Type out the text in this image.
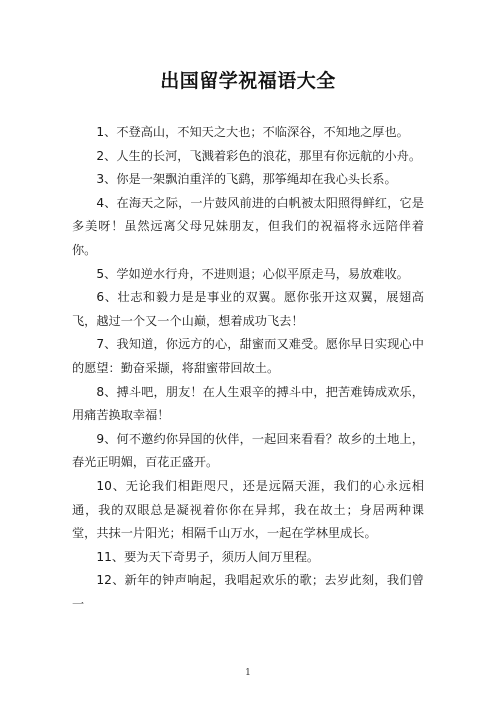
出国留学祝福语大全

1、不登高山，不知天之大也；不临深谷，不知地之厚也。

2、人生的长河，飞溅着彩色的浪花，那里有你远航的小舟。

3、你是一架飘泊重洋的飞鹞，那筝绳却在我心头长系。

4、在海天之际，一片鼓风前进的白帆被太阳照得鲜红，它是多美呀！虽然远离父母兄妹朋友，但我们的祝福将永远陪伴着你。

5、学如逆水行舟，不进则退；心似平原走马，易放难收。

6、壮志和毅力是是事业的双翼。愿你张开这双翼，展翅高飞，越过一个又一个山巅，想着成功飞去！

7、我知道，你远方的心，甜蜜而又难受。愿你早日实现心中的愿望：勤奋采撷，将甜蜜带回故土。

8、搏斗吧，朋友！在人生艰辛的搏斗中，把苦难铸成欢乐，用痛苦换取幸福！

9、何不邀约你异国的伙伴，一起回来看看？故乡的土地上，春光正明媚，百花正盛开。

10、无论我们相距咫尺，还是远隔天涯，我们的心永远相通，我的双眼总是凝视着你你在异邦，我在故土；身居两种课堂，共抹一片阳光；相隔千山万水，一起在学林里成长。

11、要为天下奇男子，须历人间万里程。

12、新年的钟声响起，我唱起欢乐的歌；去岁此刻，我们曾一

1
